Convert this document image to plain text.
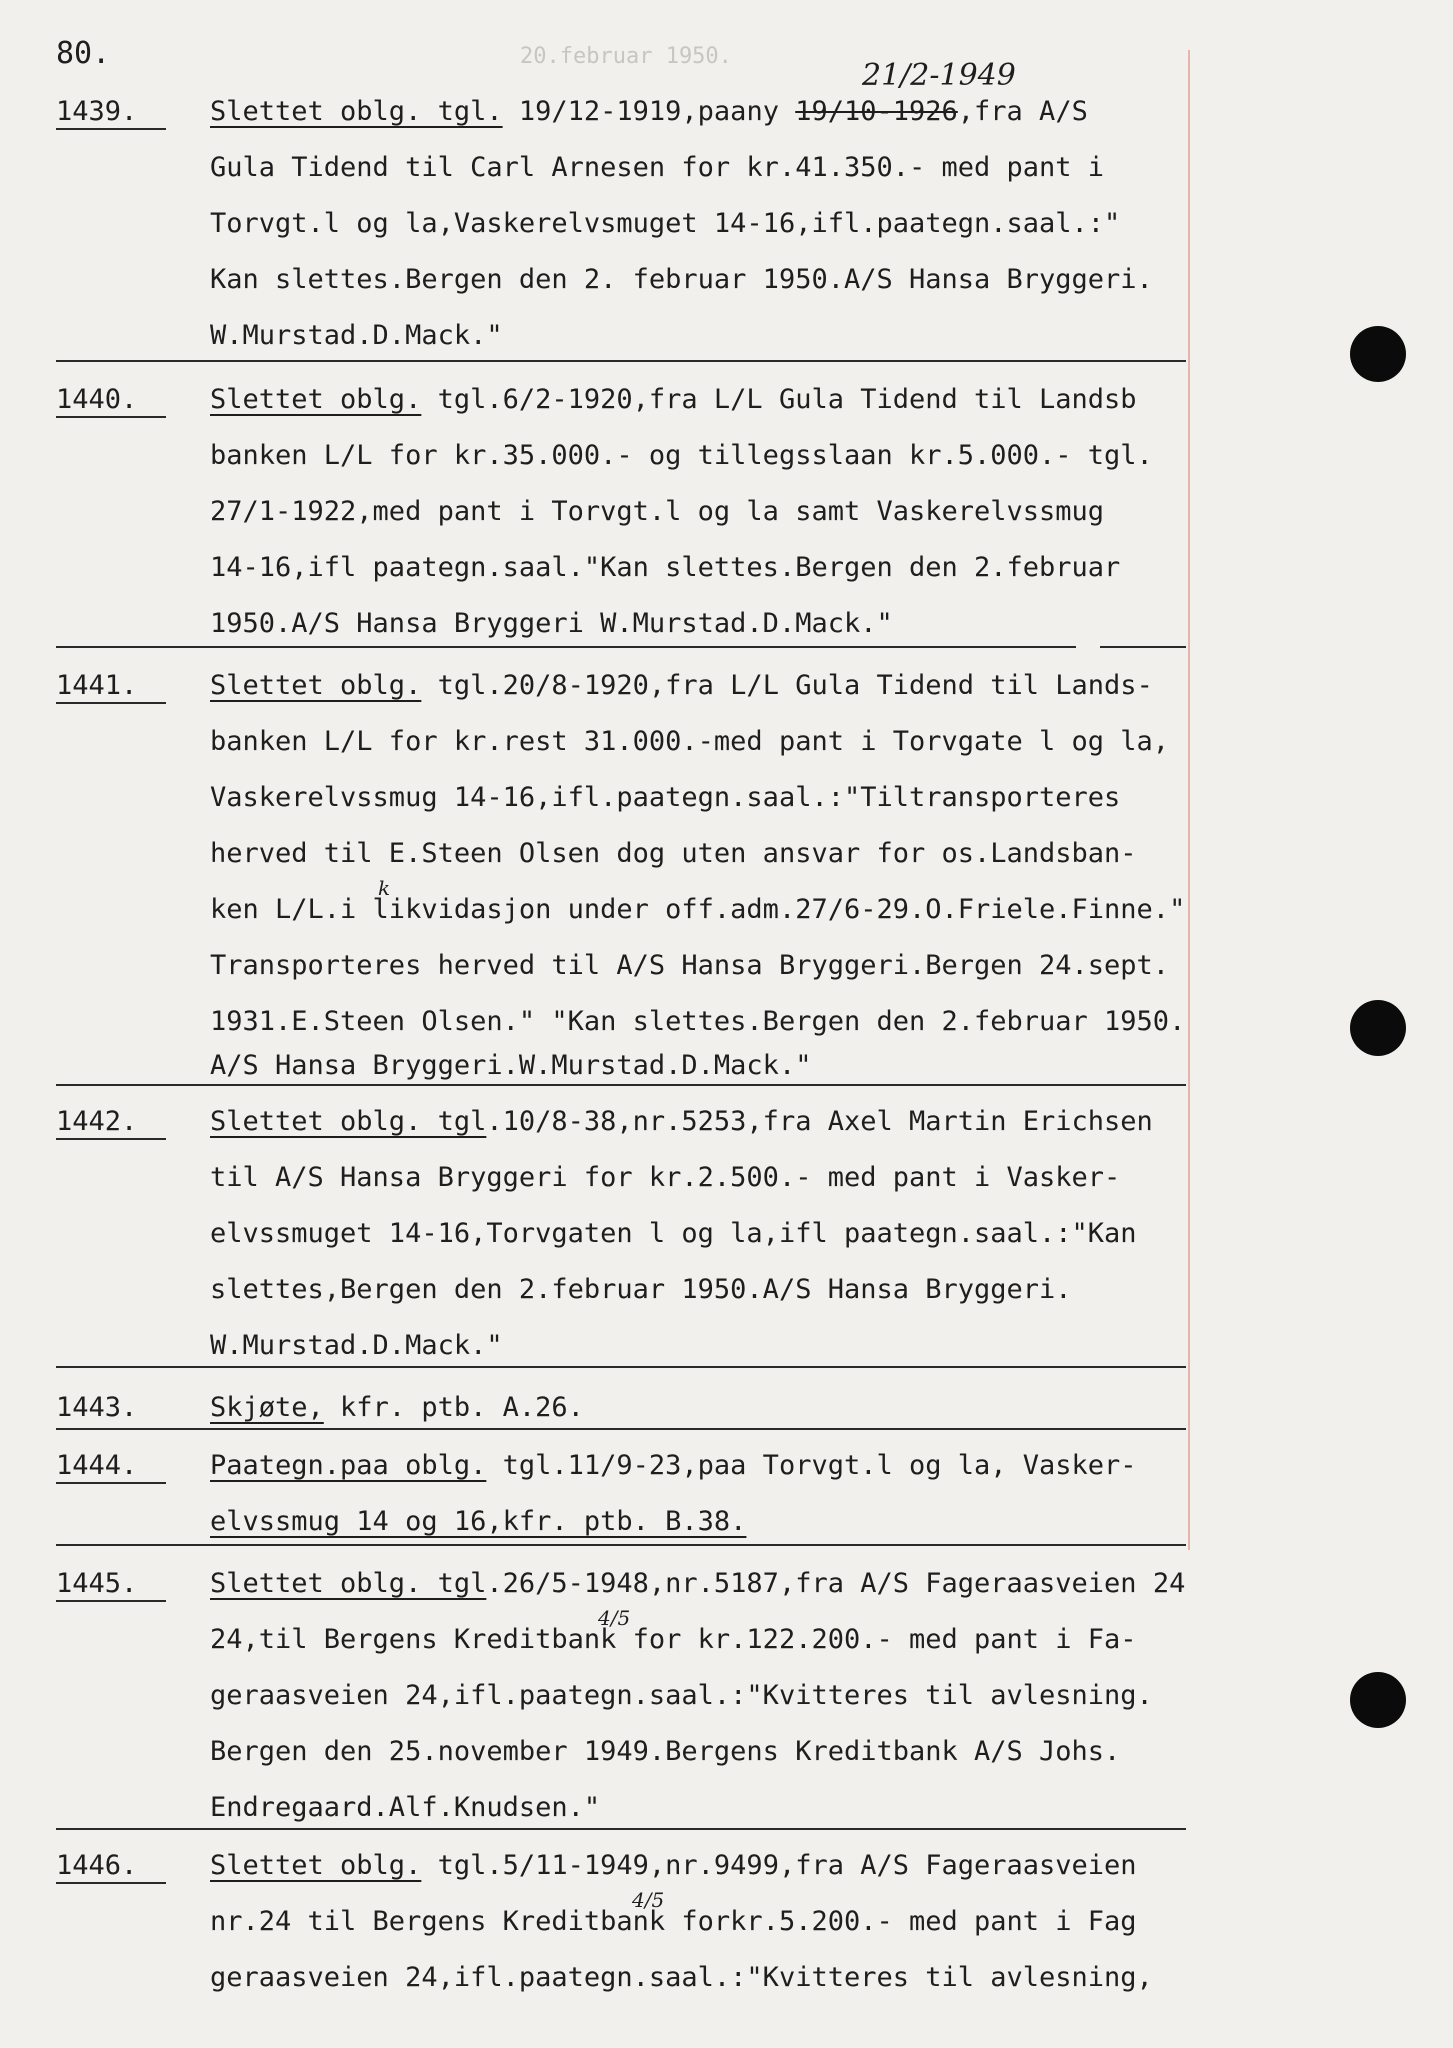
20.februar 1950.
80.
21/2-1949
1439.	Slettet oblg. tgl. 19/12-1919,paany 19/10-1926,fra A/S
Gula Tidend til Carl Arnesen for kr.41.350.- med pant i
Torvgt.l og la,Vaskerelvsmuget 14-16,ifl.paategn.saal.:"
Kan slettes.Bergen den 2. februar 1950.A/S Hansa Bryggeri.
W.Murstad.D.Mack."
1440.	Slettet oblg. tgl.6/2-1920,fra L/L Gula Tidend til Landsb
banken L/L for kr.35.000.- og tillegsslaan kr.5.000.- tgl.
27/1-1922,med pant i Torvgt.l og la samt Vaskerelvssmug
14-16,ifl paategn.saal."Kan slettes.Bergen den 2.februar
1950.A/S Hansa Bryggeri W.Murstad.D.Mack."
1441.	Slettet oblg. tgl.20/8-1920,fra L/L Gula Tidend til Lands-
banken L/L for kr.rest 31.000.-med pant i Torvgate l og la,
Vaskerelvssmug 14-16,ifl.paategn.saal.:"Tiltransporteres
herved til E.Steen Olsen dog uten ansvar for os.Landsban-
k
ken L/L.i likvidasjon under off.adm.27/6-29.O.Friele.Finne."
Transporteres herved til A/S Hansa Bryggeri.Bergen 24.sept.
1931.E.Steen Olsen." "Kan slettes.Bergen den 2.februar 1950.
A/S Hansa Bryggeri.W.Murstad.D.Mack."
1442.	Slettet oblg. tgl.10/8-38,nr.5253,fra Axel Martin Erichsen
til A/S Hansa Bryggeri for kr.2.500.- med pant i Vasker-
elvssmuget 14-16,Torvgaten l og la,ifl paategn.saal.:"Kan
slettes,Bergen den 2.februar 1950.A/S Hansa Bryggeri.
W.Murstad.D.Mack."
1443.	Skjøte, kfr. ptb. A.26.
1444.	Paategn.paa oblg. tgl.11/9-23,paa Torvgt.l og la, Vasker-
elvssmug 14 og 16,kfr. ptb. B.38.
1445.	Slettet oblg. tgl.26/5-1948,nr.5187,fra A/S Fageraasveien 24
4/5
24,til Bergens Kreditbank for kr.122.200.- med pant i Fa-
geraasveien 24,ifl.paategn.saal.:"Kvitteres til avlesning.
Bergen den 25.november 1949.Bergens Kreditbank A/S Johs.
Endregaard.Alf.Knudsen."
1446.	Slettet oblg. tgl.5/11-1949,nr.9499,fra A/S Fageraasveien
4/5
nr.24 til Bergens Kreditbank forkr.5.200.- med pant i Fag
geraasveien 24,ifl.paategn.saal.:"Kvitteres til avlesning,
